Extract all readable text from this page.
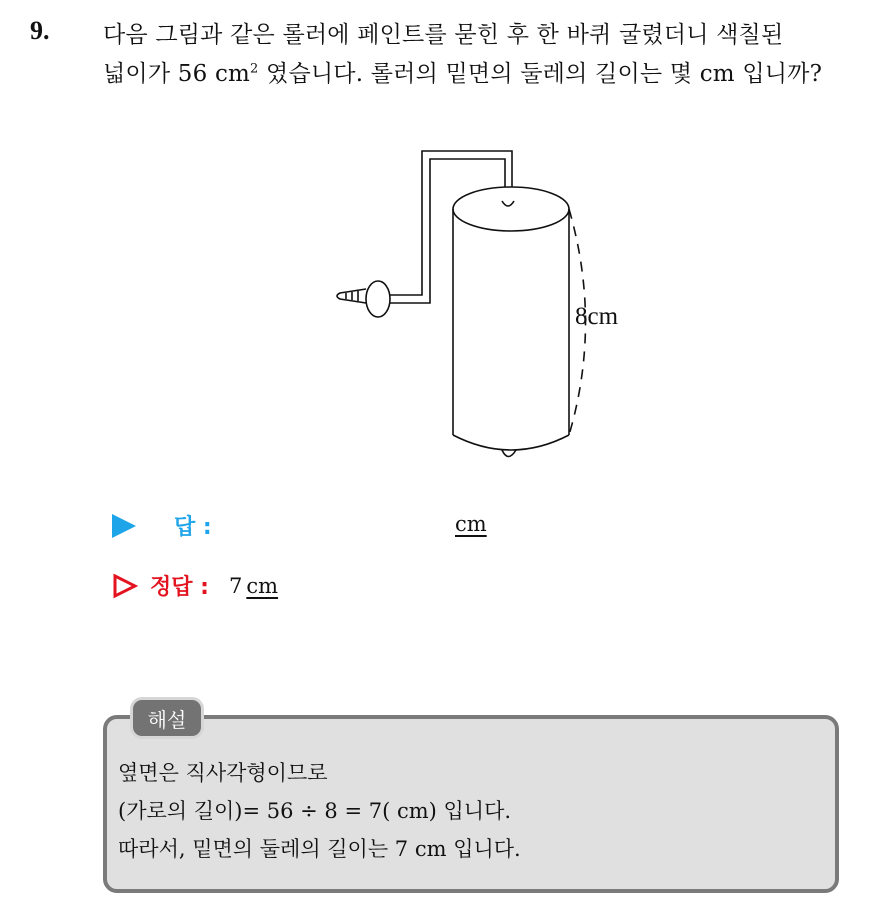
9. 다음 그림과 같은 롤러에 페인트를 묻힌 후 한 바퀴 굴렸더니 색칠된
넓이가 56 $cm^2$ 였습니다. 롤러의 밑면의 둘레의 길이는 몇 cm 입니까?
8cm
답 :	cm
정답 : 7 cm
해설
옆면은 직사각형이므로
(가로의 길이)= 56 ÷ 8 = 7( cm) 입니다.
따라서, 밑면의 둘레의 길이는 7 cm 입니다.
